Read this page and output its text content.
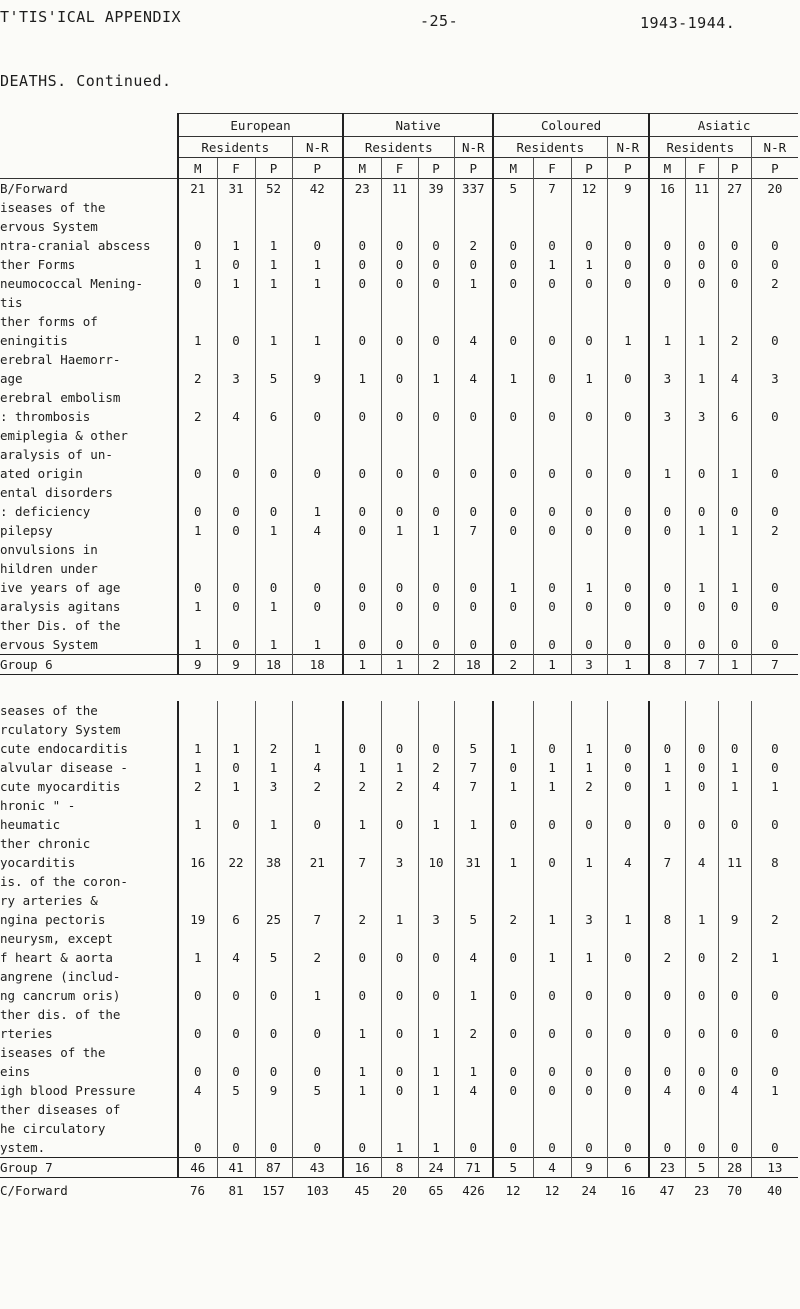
T'TIS'ICAL APPENDIX	-25-	1943-1944.
DEATHS. Continued.
	European				Native				Coloured				Asiatic			
	Residents			N-R	Residents			N-R	Residents			N-R	Residents			N-R
	M	F	P	P	M	F	P	P	M	F	P	P	M	F	P	P
B/Forward	21	31	52	42	23	11	39	337	5	7	12	9	16	11	27	20
iseases of the																
ervous System																
ntra-cranial abscess	0	1	1	0	0	0	0	2	0	0	0	0	0	0	0	0
ther Forms	1	0	1	1	0	0	0	0	0	1	1	0	0	0	0	0
neumococcal Mening-	0	1	1	1	0	0	0	1	0	0	0	0	0	0	0	2
tis																
ther forms of																
eningitis	1	0	1	1	0	0	0	4	0	0	0	1	1	1	2	0
erebral Haemorr-																
age	2	3	5	9	1	0	1	4	1	0	1	0	3	1	4	3
erebral embolism																
: thrombosis	2	4	6	0	0	0	0	0	0	0	0	0	3	3	6	0
emiplegia & other																
aralysis of un-																
ated origin	0	0	0	0	0	0	0	0	0	0	0	0	1	0	1	0
ental disorders																
: deficiency	0	0	0	1	0	0	0	0	0	0	0	0	0	0	0	0
pilepsy	1	0	1	4	0	1	1	7	0	0	0	0	0	1	1	2
onvulsions in																
hildren under																
ive years of age	0	0	0	0	0	0	0	0	1	0	1	0	0	1	1	0
aralysis agitans	1	0	1	0	0	0	0	0	0	0	0	0	0	0	0	0
ther Dis. of the																
ervous System	1	0	1	1	0	0	0	0	0	0	0	0	0	0	0	0
Group 6	9	9	18	18	1	1	2	18	2	1	3	1	8	7	1	7

seases of the																
rculatory System																
cute endocarditis	1	1	2	1	0	0	0	5	1	0	1	0	0	0	0	0
alvular disease -	1	0	1	4	1	1	2	7	0	1	1	0	1	0	1	0
cute myocarditis	2	1	3	2	2	2	4	7	1	1	2	0	1	0	1	1
hronic " -																
heumatic	1	0	1	0	1	0	1	1	0	0	0	0	0	0	0	0
ther chronic																
yocarditis	16	22	38	21	7	3	10	31	1	0	1	4	7	4	11	8
is. of the coron-																
ry arteries &																
ngina pectoris	19	6	25	7	2	1	3	5	2	1	3	1	8	1	9	2
neurysm, except																
f heart & aorta	1	4	5	2	0	0	0	4	0	1	1	0	2	0	2	1
angrene (includ-																
ng cancrum oris)	0	0	0	1	0	0	0	1	0	0	0	0	0	0	0	0
ther dis. of the																
rteries	0	0	0	0	1	0	1	2	0	0	0	0	0	0	0	0
iseases of the																
eins	0	0	0	0	1	0	1	1	0	0	0	0	0	0	0	0
igh blood Pressure	4	5	9	5	1	0	1	4	0	0	0	0	4	0	4	1
ther diseases of																
he circulatory																
ystem.	0	0	0	0	0	1	1	0	0	0	0	0	0	0	0	0
Group 7	46	41	87	43	16	8	24	71	5	4	9	6	23	5	28	13
C/Forward	76	81	157	103	45	20	65	426	12	12	24	16	47	23	70	40
